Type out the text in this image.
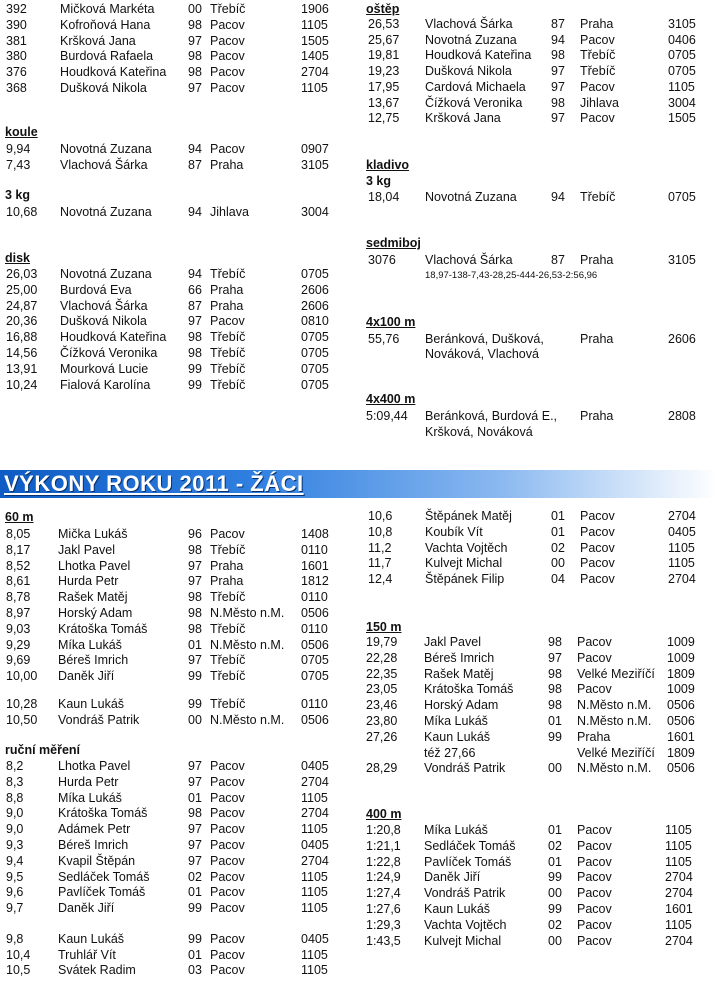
392	Mičková Markéta	00 Třebíč	1906
390	Kofroňová Hana	98 Pacov	1105
381	Kršková Jana	97 Pacov	1505
380	Burdová Rafaela	98 Pacov	1405
376	Houdková Kateřina 98 Pacov	2704
368	Dušková Nikola	97 Pacov	1105
koule
9,94 Novotná Zuzana	94 Pacov	0907
7,43 Vlachová Šárka	87 Praha	3105
3 kg
10,68 Novotná Zuzana	94 Jihlava	3004
disk
26,03 Novotná Zuzana	94 Třebíč	0705
25,00 Burdová Eva	66 Praha	2606
24,87 Vlachová Šárka	87 Praha	2606
20,36 Dušková Nikola	97 Pacov	0810
16,88 Houdková Kateřina 98 Třebíč	0705
14,56 Čížková Veronika 98 Třebíč	0705
13,91 Mourková Lucie	99 Třebíč	0705
10,24 Fialová Karolína	99 Třebíč	0705
oštěp
26,53 Vlachová Šárka	87 Praha	3105
25,67 Novotná Zuzana	94 Pacov	0406
19,81 Houdková Kateřina 98 Třebíč	0705
19,23 Dušková Nikola	97 Třebíč	0705
17,95 Cardová Michaela 97 Pacov	1105
13,67 Čížková Veronika 98 Jihlava	3004
12,75 Kršková Jana	97 Pacov	1505
kladivo
3 kg
18,04 Novotná Zuzana	94 Třebíč	0705
sedmiboj
3076 Vlachová Šárka	87 Praha	3105
18,97-138-7,43-28,25-444-26,53-2:56,96
4x100 m
55,76 Beránková, Dušková,	Praha	2606
Nováková, Vlachová
4x400 m
5:09,44 Beránková, Burdová E., Praha	2808
Kršková, Nováková
VÝKONY ROKU 2011 - ŽÁCI
60 m
8,05 Mička Lukáš	96 Pacov	1408
8,17 Jakl Pavel	98 Třebíč	0110
8,52 Lhotka Pavel	97 Praha	1601
8,61 Hurda Petr	97 Praha	1812
8,78 Rašek Matěj	98 Třebíč	0110
8,97 Horský Adam	98 N.Město n.M. 0506
9,03 Krátoška Tomáš	98 Třebíč	0110
9,29 Míka Lukáš	01 N.Město n.M. 0506
9,69 Béreš Imrich	97 Třebíč	0705
10,00 Daněk Jiří	99 Třebíč	0705
10,28 Kaun Lukáš	99 Třebíč	0110
10,50 Vondráš Patrik	00 N.Město n.M. 0506
ruční měření
8,2	Lhotka Pavel	97 Pacov	0405
8,3	Hurda Petr	97 Pacov	2704
8,8	Míka Lukáš	01 Pacov	1105
9,0	Krátoška Tomáš	98 Pacov	2704
9,0	Adámek Petr	97 Pacov	1105
9,3	Béreš Imrich	97 Pacov	0405
9,4	Kvapil Štěpán	97 Pacov	2704
9,5	Sedláček Tomáš	02 Pacov	1105
9,6	Pavlíček Tomáš	01 Pacov	1105
9,7	Daněk Jiří	99 Pacov	1105
9,8	Kaun Lukáš	99 Pacov	0405
10,4 Truhlář Vít	01 Pacov	1105
10,5 Svátek Radim	03 Pacov	1105
10,6	Štěpánek Matěj	01 Pacov	2704
10,8	Koubík Vít	01 Pacov	0405
11,2	Vachta Vojtěch	02 Pacov	1105
11,7	Kulvejt Michal	00 Pacov	1105
12,4	Štěpánek Filip	04 Pacov	2704
150 m
19,79 Jakl Pavel	98 Pacov	1009
22,28 Béreš Imrich	97 Pacov	1009
22,35 Rašek Matěj	98 Velké Meziříčí 1809
23,05 Krátoška Tomáš	98 Pacov	1009
23,46 Horský Adam	98 N.Město n.M. 0506
23,80 Míka Lukáš	01 N.Město n.M. 0506
27,26 Kaun Lukáš	99 Praha	1601
též 27,66	Velké Meziříčí 1809
28,29 Vondráš Patrik	00 N.Město n.M. 0506
400 m
1:20,8 Míka Lukáš	01 Pacov	1105
1:21,1 Sedláček Tomáš	02 Pacov	1105
1:22,8 Pavlíček Tomáš	01 Pacov	1105
1:24,9 Daněk Jiří	99 Pacov	2704
1:27,4 Vondráš Patrik	00 Pacov	2704
1:27,6 Kaun Lukáš	99 Pacov	1601
1:29,3 Vachta Vojtěch	02 Pacov	1105
1:43,5 Kulvejt Michal	00 Pacov	2704
